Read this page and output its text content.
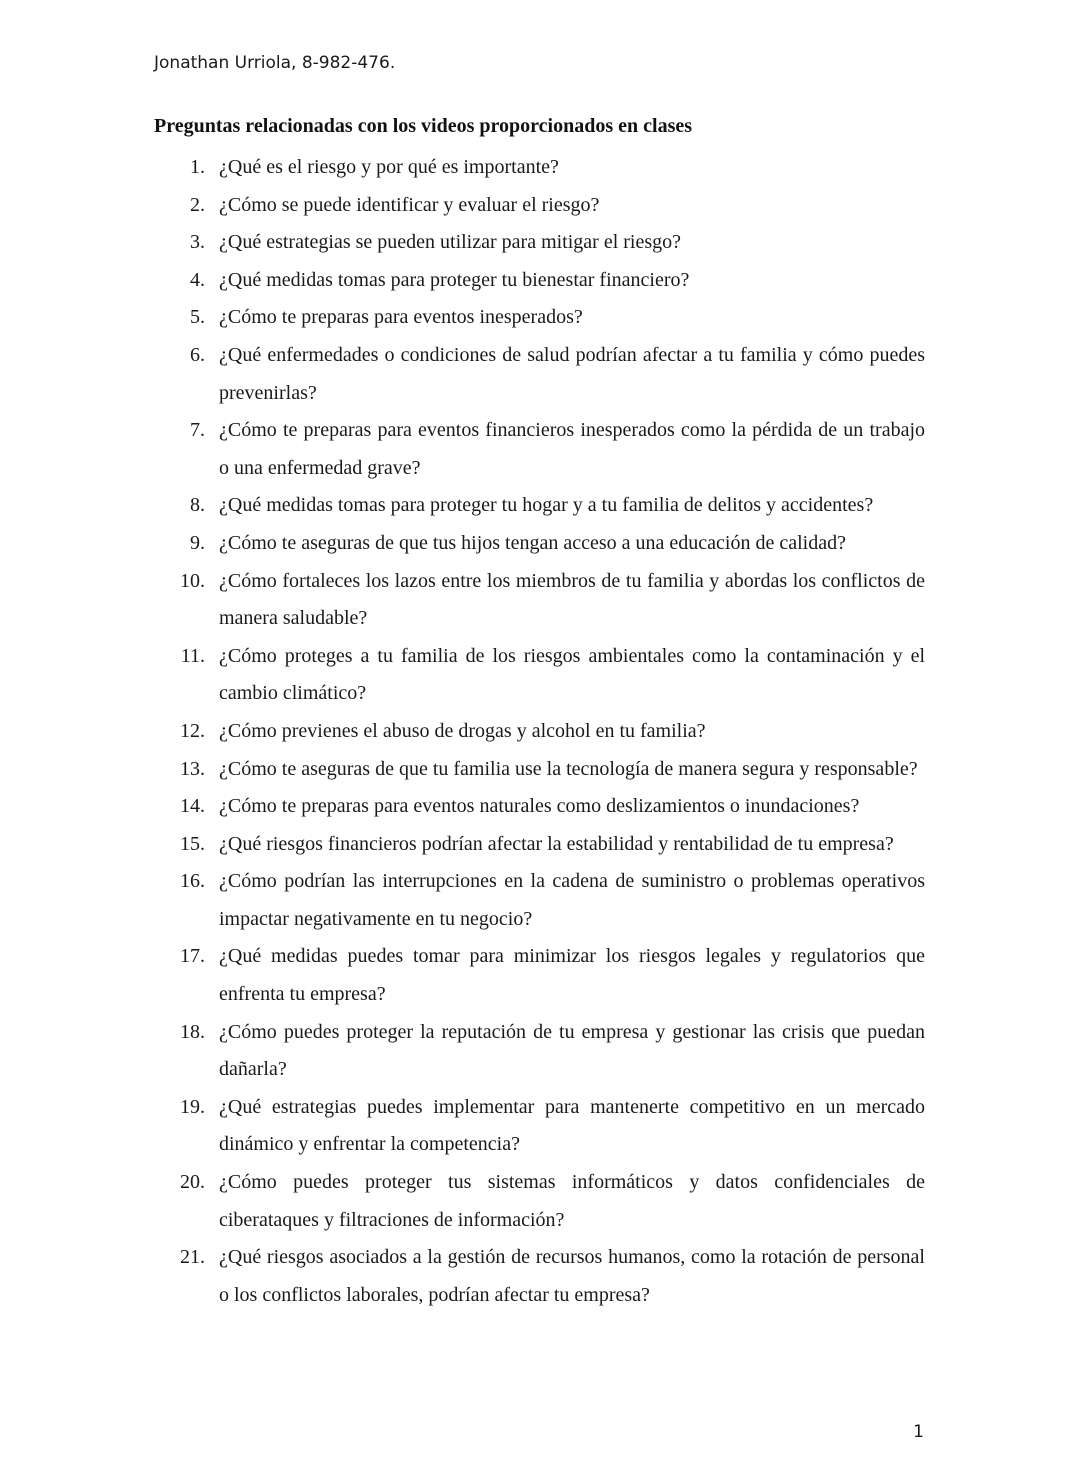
Jonathan Urriola, 8-982-476.
Preguntas relacionadas con los videos proporcionados en clases
1. ¿Qué es el riesgo y por qué es importante?
2. ¿Cómo se puede identificar y evaluar el riesgo?
3. ¿Qué estrategias se pueden utilizar para mitigar el riesgo?
4. ¿Qué medidas tomas para proteger tu bienestar financiero?
5. ¿Cómo te preparas para eventos inesperados?
6. ¿Qué enfermedades o condiciones de salud podrían afectar a tu familia y cómo puedes prevenirlas?
7. ¿Cómo te preparas para eventos financieros inesperados como la pérdida de un trabajo o una enfermedad grave?
8. ¿Qué medidas tomas para proteger tu hogar y a tu familia de delitos y accidentes?
9. ¿Cómo te aseguras de que tus hijos tengan acceso a una educación de calidad?
10. ¿Cómo fortaleces los lazos entre los miembros de tu familia y abordas los conflictos de manera saludable?
11. ¿Cómo proteges a tu familia de los riesgos ambientales como la contaminación y el cambio climático?
12. ¿Cómo previenes el abuso de drogas y alcohol en tu familia?
13. ¿Cómo te aseguras de que tu familia use la tecnología de manera segura y responsable?
14. ¿Cómo te preparas para eventos naturales como deslizamientos o inundaciones?
15. ¿Qué riesgos financieros podrían afectar la estabilidad y rentabilidad de tu empresa?
16. ¿Cómo podrían las interrupciones en la cadena de suministro o problemas operativos impactar negativamente en tu negocio?
17. ¿Qué medidas puedes tomar para minimizar los riesgos legales y regulatorios que enfrenta tu empresa?
18. ¿Cómo puedes proteger la reputación de tu empresa y gestionar las crisis que puedan dañarla?
19. ¿Qué estrategias puedes implementar para mantenerte competitivo en un mercado dinámico y enfrentar la competencia?
20. ¿Cómo puedes proteger tus sistemas informáticos y datos confidenciales de ciberataques y filtraciones de información?
21. ¿Qué riesgos asociados a la gestión de recursos humanos, como la rotación de personal o los conflictos laborales, podrían afectar tu empresa?
1
